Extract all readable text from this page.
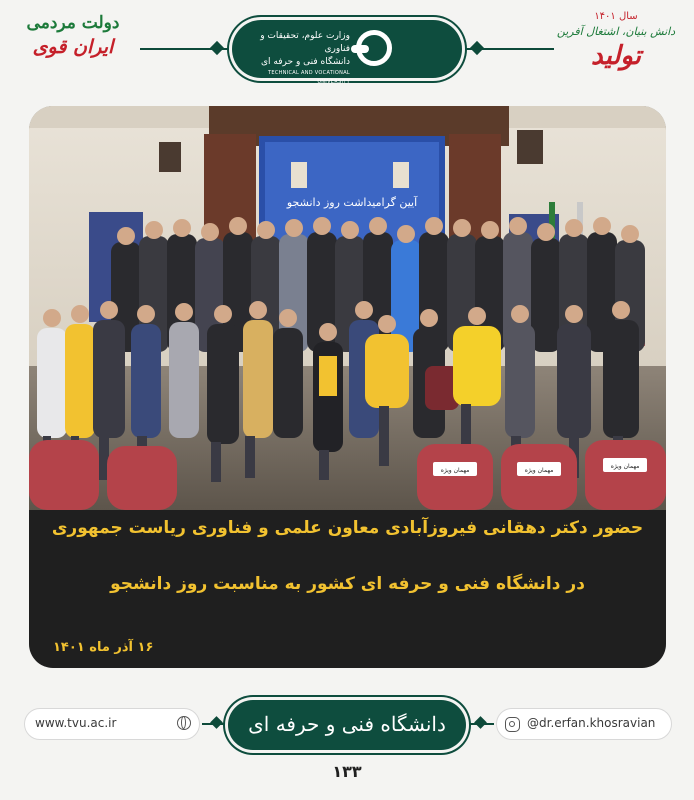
دولت مردمی
ایران قوی	وزارت علوم، تحقیقات و فناوری
دانشگاه فنی و حرفه ای
TECHNICAL AND VOCATIONAL UNIVERSITY
سال ۱۴۰۱
دانش بنیان، اشتغال آفرین
تولید
آیین گرامیداشت روز دانشجو
مهمان ویژه	مهمان ویژه
مهمان ویژه
حضور دکتر دهقانی فیروزآبادی معاون علمی و فناوری ریاست جمهوری
در دانشگاه فنی و حرفه ای کشور به مناسبت روز دانشجو
۱۶ آذر ماه ۱۴۰۱
www.tvu.ac.ir	دانشگاه فنی و حرفه ای	@dr.erfan.khosravian
۱۳۳
